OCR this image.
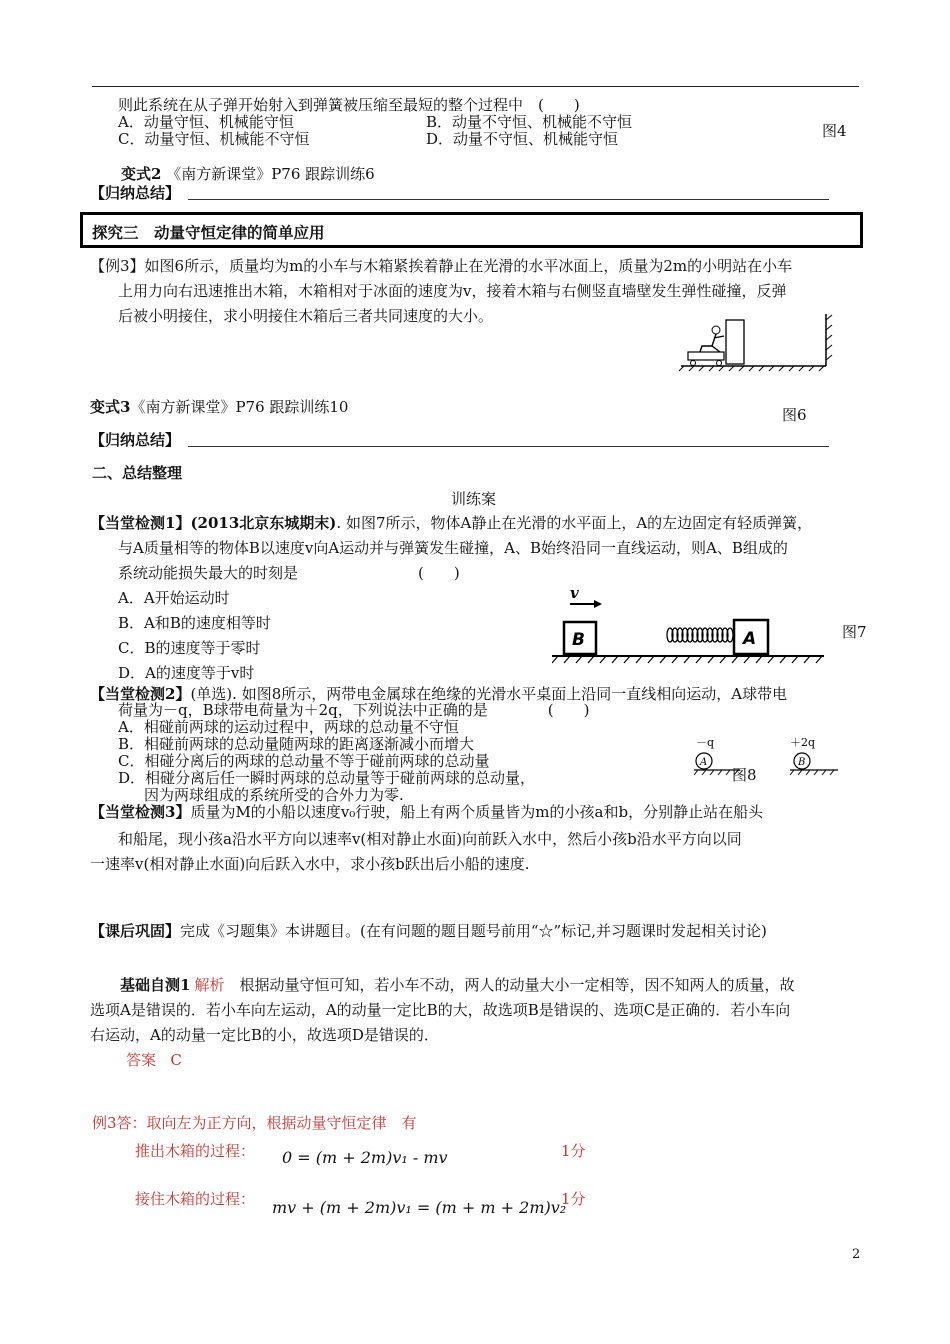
则此系统在从子弹开始射入到弹簧被压缩至最短的整个过程中　(　　)
A．动量守恒、机械能守恒	B．动量不守恒、机械能不守恒
C．动量守恒、机械能不守恒	D．动量不守恒、机械能守恒	图4
变式2 《南方新课堂》P76 跟踪训练6
【归纳总结】
探究三　动量守恒定律的简单应用
【例3】如图6所示，质量均为m的小车与木箱紧挨着静止在光滑的水平冰面上，质量为2m的小明站在小车
上用力向右迅速推出木箱，木箱相对于冰面的速度为v，接着木箱与右侧竖直墙壁发生弹性碰撞，反弹
后被小明接住，求小明接住木箱后三者共同速度的大小。
变式3《南方新课堂》P76 跟踪训练10	图6
【归纳总结】
二、总结整理
训练案
【当堂检测1】(2013北京东城期末). 如图7所示，物体A静止在光滑的水平面上，A的左边固定有轻质弹簧，
与A质量相等的物体B以速度v向A运动并与弹簧发生碰撞，A、B始终沿同一直线运动，则A、B组成的
系统动能损失最大的时刻是　　　　　　　　(　　)
A．A开始运动时
B．A和B的速度相等时
C．B的速度等于零时
D．A的速度等于v时
v
B	A	图7
【当堂检测2】(单选). 如图8所示，两带电金属球在绝缘的光滑水平桌面上沿同一直线相向运动，A球带电
荷量为－q，B球带电荷量为＋2q，下列说法中正确的是　　　　(　　)
A．相碰前两球的运动过程中，两球的总动量不守恒
B．相碰前两球的总动量随两球的距离逐渐减小而增大
C．相碰分离后的两球的总动量不等于碰前两球的总动量
D．相碰分离后任一瞬时两球的总动量等于碰前两球的总动量，
因为两球组成的系统所受的合外力为零.
－q
A
＋2q
B
图8
【当堂检测3】质量为M的小船以速度v₀行驶，船上有两个质量皆为m的小孩a和b，分别静止站在船头
和船尾，现小孩a沿水平方向以速率v(相对静止水面)向前跃入水中，然后小孩b沿水平方向以同
一速率v(相对静止水面)向后跃入水中，求小孩b跃出后小船的速度.
【课后巩固】完成《习题集》本讲题目。(在有问题的题目题号前用“☆”标记,并习题课时发起相关讨论)
基础自测1 解析　根据动量守恒可知，若小车不动，两人的动量大小一定相等，因不知两人的质量，故
选项A是错误的．若小车向左运动，A的动量一定比B的大，故选项B是错误的、选项C是正确的．若小车向
右运动，A的动量一定比B的小，故选项D是错误的．
答案 C
例3答：取向左为正方向，根据动量守恒定律　有
推出木箱的过程： 0 = (m + 2m)v₁ - mv	1分
接住木箱的过程： mv + (m + 2m)v₁ = (m + m + 2m)v₂
1分
2
